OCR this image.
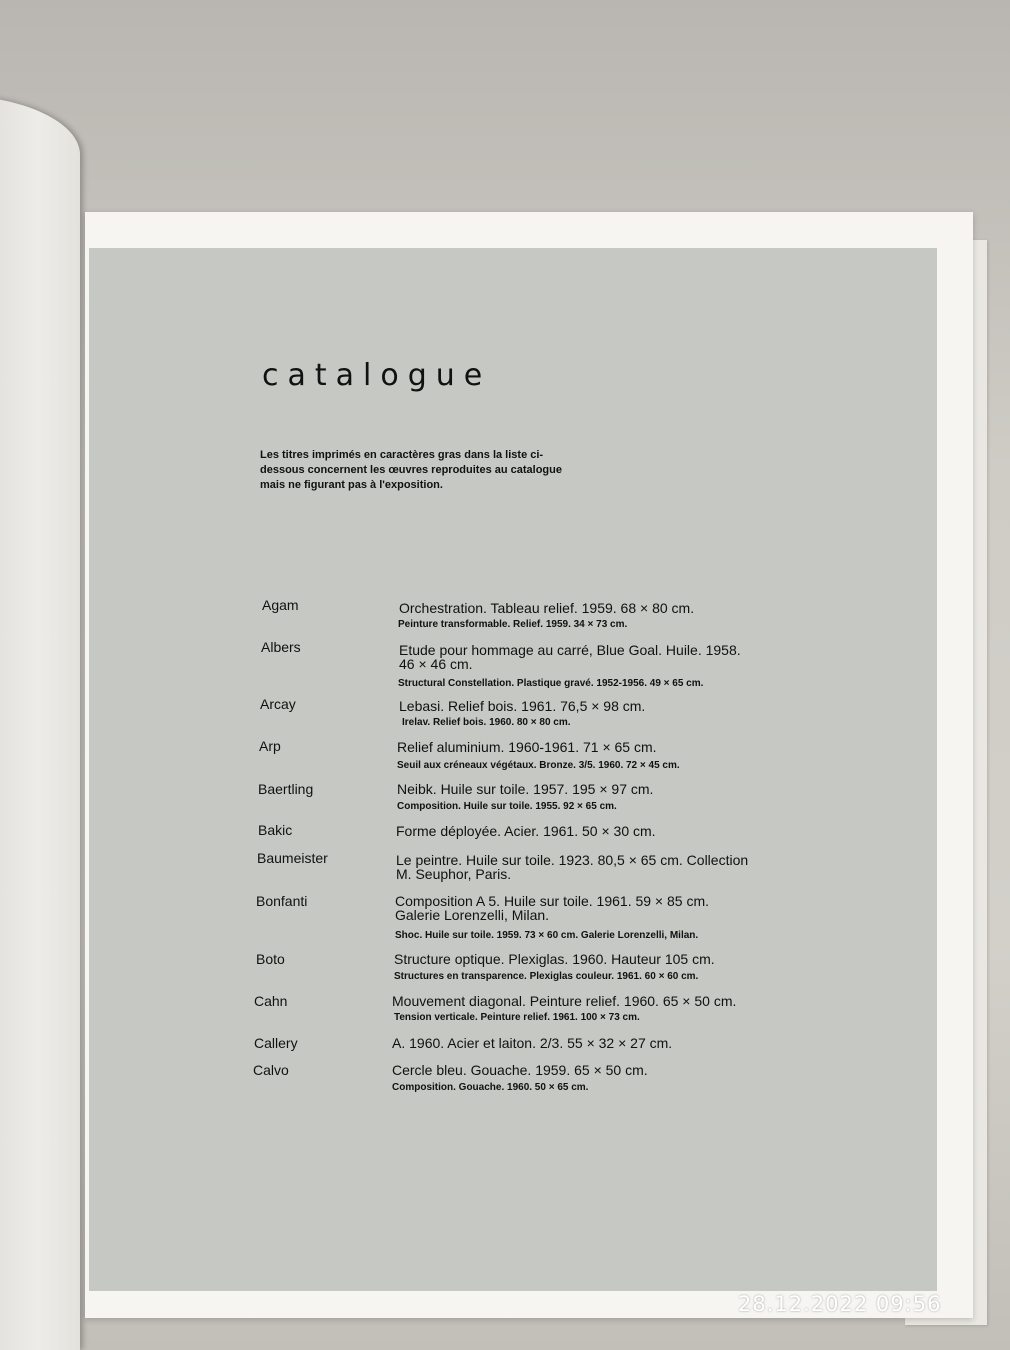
catalogue

Les titres imprimés en caractères gras dans la liste ci-dessous concernent les œuvres reproduites au catalogue mais ne figurant pas à l'exposition.

Agam	Orchestration. Tableau relief. 1959. 68 × 80 cm.
Peinture transformable. Relief. 1959. 34 × 73 cm.
Albers	Etude pour hommage au carré, Blue Goal. Huile. 1958.
46 × 46 cm.
Structural Constellation. Plastique gravé. 1952-1956. 49 × 65 cm.
Arcay	Lebasi. Relief bois. 1961. 76,5 × 98 cm.
Irelav. Relief bois. 1960. 80 × 80 cm.
Arp	Relief aluminium. 1960-1961. 71 × 65 cm.
Seuil aux créneaux végétaux. Bronze. 3/5. 1960. 72 × 45 cm.
Baertling	Neibk. Huile sur toile. 1957. 195 × 97 cm.
Composition. Huile sur toile. 1955. 92 × 65 cm.
Bakic	Forme déployée. Acier. 1961. 50 × 30 cm.
Baumeister	Le peintre. Huile sur toile. 1923. 80,5 × 65 cm. Collection
M. Seuphor, Paris.
Bonfanti	Composition A 5. Huile sur toile. 1961. 59 × 85 cm.
Galerie Lorenzelli, Milan.
Shoc. Huile sur toile. 1959. 73 × 60 cm. Galerie Lorenzelli, Milan.
Boto	Structure optique. Plexiglas. 1960. Hauteur 105 cm.
Structures en transparence. Plexiglas couleur. 1961. 60 × 60 cm.
Cahn	Mouvement diagonal. Peinture relief. 1960. 65 × 50 cm.
Tension verticale. Peinture relief. 1961. 100 × 73 cm.
Callery	A. 1960. Acier et laiton. 2/3. 55 × 32 × 27 cm.
Calvo	Cercle bleu. Gouache. 1959. 65 × 50 cm.
Composition. Gouache. 1960. 50 × 65 cm.
28.12.2022 09:56
